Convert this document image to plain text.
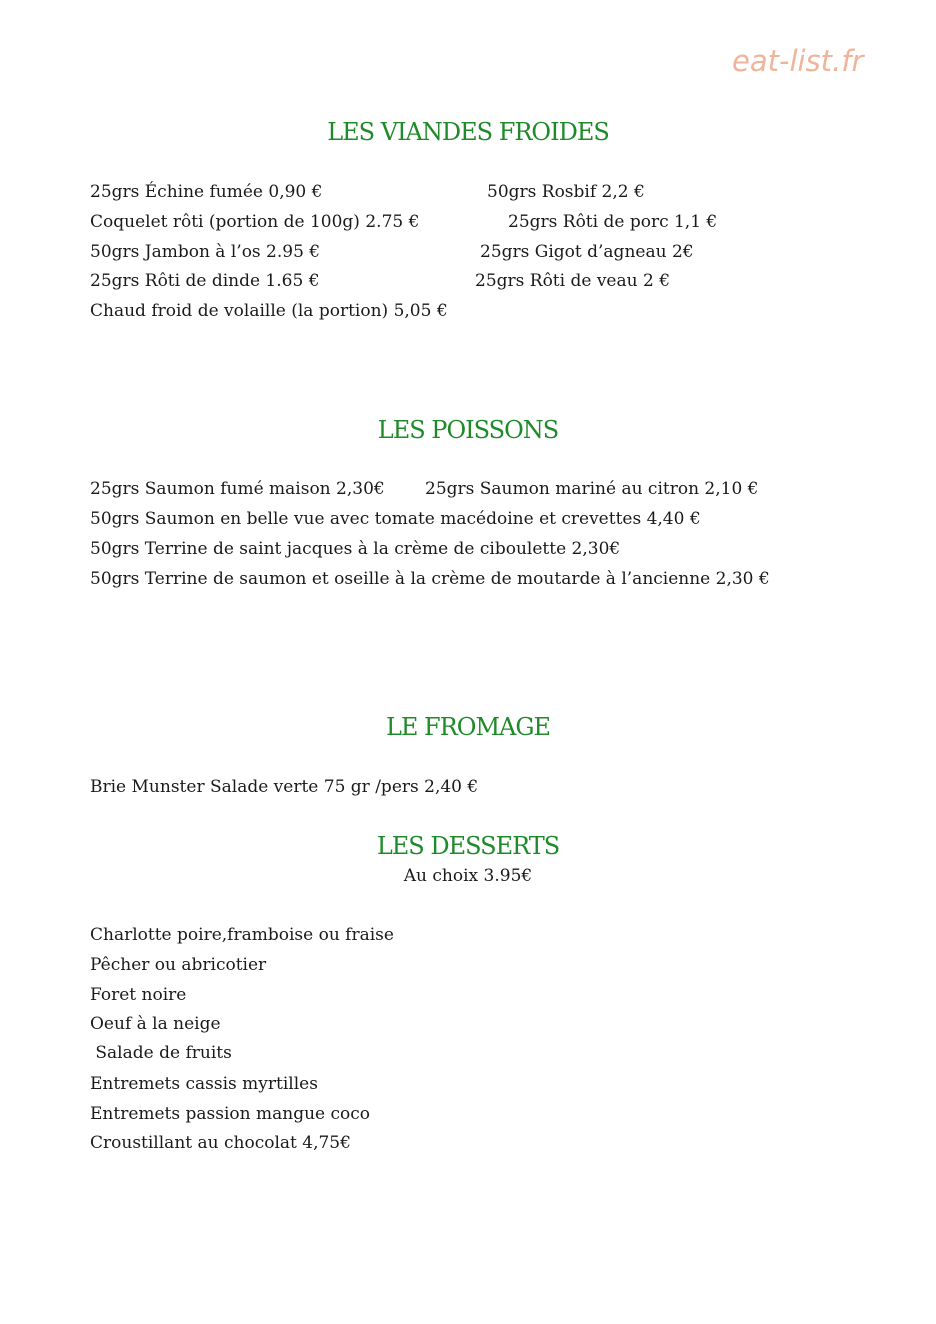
eat-list.fr
LES VIANDES FROIDES
25grs Échine fumée 0,90 €
Coquelet rôti (portion de 100g) 2.75 €
50grs Jambon à l’os 2.95 €
25grs Rôti de dinde 1.65 €
Chaud froid de volaille (la portion) 5,05 €
50grs Rosbif 2,2 €
25grs Rôti de porc 1,1 €
25grs Gigot d’agneau 2€
25grs Rôti de veau 2 €
LES POISSONS
25grs Saumon fumé maison 2,30€ 25grs Saumon mariné au citron 2,10 €
50grs Saumon en belle vue avec tomate macédoine et crevettes 4,40 €
50grs Terrine de saint jacques à la crème de ciboulette 2,30€
50grs Terrine de saumon et oseille à la crème de moutarde à l’ancienne 2,30 €
LE FROMAGE
Brie Munster Salade verte 75 gr /pers 2,40 €
LES DESSERTS
Au choix 3.95€
Charlotte poire,framboise ou fraise
Pêcher ou abricotier
Foret noire
Oeuf à la neige
Salade de fruits
Entremets cassis myrtilles
Entremets passion mangue coco
Croustillant au chocolat 4,75€
